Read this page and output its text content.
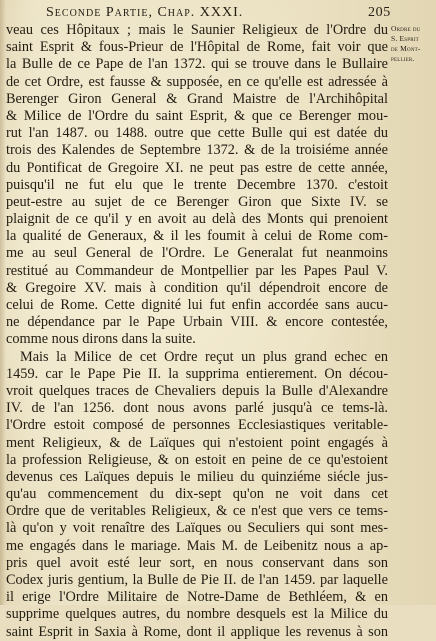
Seconde Partie, Chap. XXXI.	205
Ordre du
S. Esprit
de Mont-
pellier.
veau ces Hôpitaux ; mais le Saunier Religieux de l'Ordre du
saint Esprit & fous-Prieur de l'Hôpital de Rome, fait voir que
la Bulle de ce Pape de l'an 1372. qui se trouve dans le Bullaire
de cet Ordre, est fausse & supposée, en ce qu'elle est adressée à
Berenger Giron General & Grand Maistre de l'Archihôpital
& Milice de l'Ordre du saint Esprit, & que ce Berenger mou-
rut l'an 1487. ou 1488. outre que cette Bulle qui est datée du
trois des Kalendes de Septembre 1372. & de la troisiéme année
du Pontificat de Gregoire XI. ne peut pas estre de cette année,
puisqu'il ne fut elu que le trente Decembre 1370. c'estoit
peut-estre au sujet de ce Berenger Giron que Sixte IV. se
plaignit de ce qu'il y en avoit au delà des Monts qui prenoient
la qualité de Generaux, & il les foumit à celui de Rome com-
me au seul General de l'Ordre. Le Generalat fut neanmoins
restitué au Commandeur de Montpellier par les Papes Paul V.
& Gregoire XV. mais à condition qu'il dépendroit encore de
celui de Rome. Cette dignité lui fut enfin accordée sans aucu-
ne dépendance par le Pape Urbain VIII. & encore contestée,
comme nous dirons dans la suite.
Mais la Milice de cet Ordre reçut un plus grand echec en
1459. car le Pape Pie II. la supprima entierement. On décou-
vroit quelques traces de Chevaliers depuis la Bulle d'Alexandre
IV. de l'an 1256. dont nous avons parlé jusqu'à ce tems-là.
l'Ordre estoit composé de personnes Ecclesiastiques veritable-
ment Religieux, & de Laïques qui n'estoient point engagés à
la profession Religieuse, & on estoit en peine de ce qu'estoient
devenus ces Laïques depuis le milieu du quinziéme siécle jus-
qu'au commencement du dix-sept qu'on ne voit dans cet
Ordre que de veritables Religieux, & ce n'est que vers ce tems-
là qu'on y voit renaître des Laïques ou Seculiers qui sont mes-
me engagés dans le mariage. Mais M. de Leibenitz nous a ap-
pris quel avoit esté leur sort, en nous conservant dans son
Codex juris gentium, la Bulle de Pie II. de l'an 1459. par laquelle
il erige l'Ordre Militaire de Notre-Dame de Bethléem, & en
supprime quelques autres, du nombre desquels est la Milice du
saint Esprit in Saxia à Rome, dont il applique les revenus à son
